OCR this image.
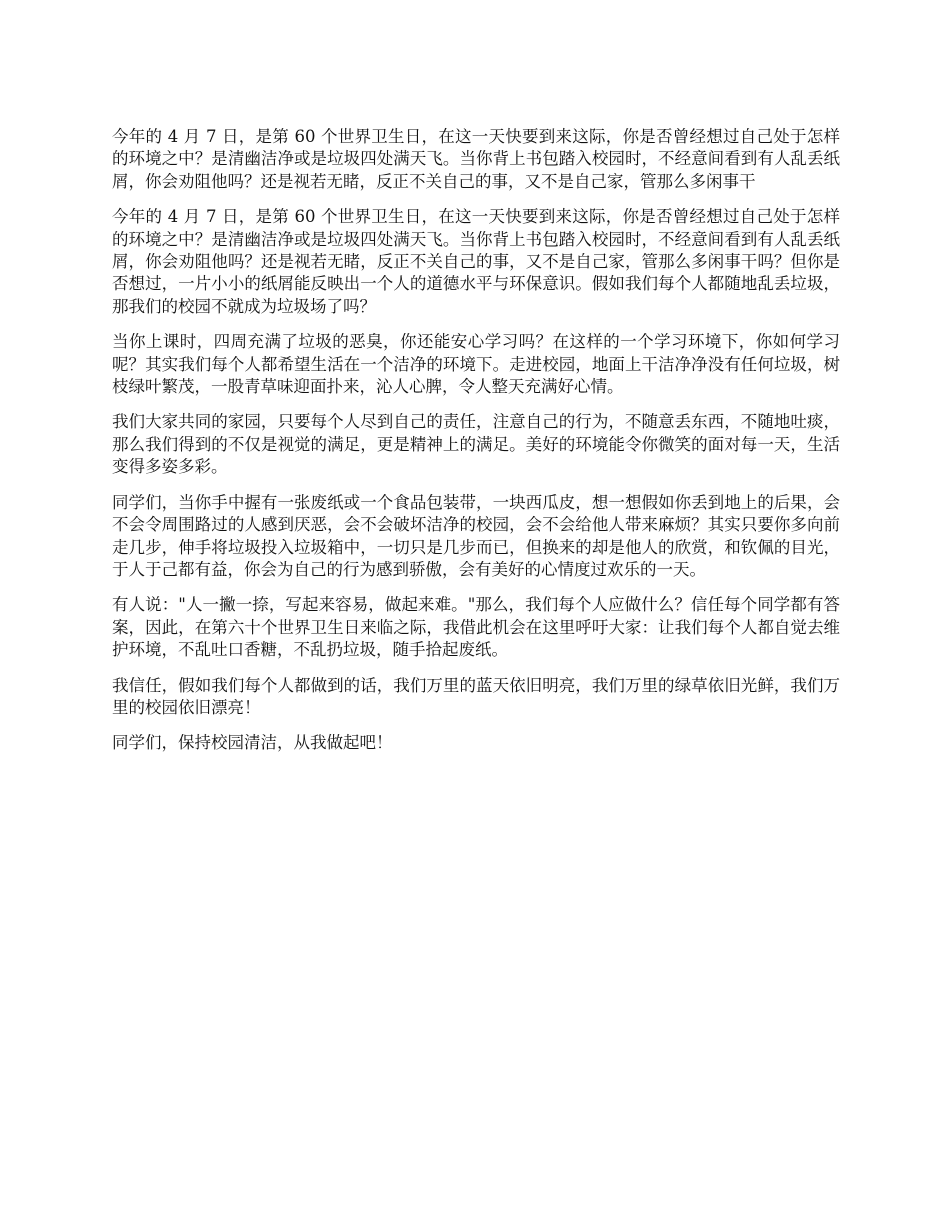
今年的 4 月 7 日，是第 60 个世界卫生日，在这一天快要到来这际，你是否曾经想过自己处于怎样的环境之中？是清幽洁净或是垃圾四处满天飞。当你背上书包踏入校园时，不经意间看到有人乱丢纸屑，你会劝阻他吗？还是视若无睹，反正不关自己的事，又不是自己家，管那么多闲事干

今年的 4 月 7 日，是第 60 个世界卫生日，在这一天快要到来这际，你是否曾经想过自己处于怎样的环境之中？是清幽洁净或是垃圾四处满天飞。当你背上书包踏入校园时，不经意间看到有人乱丢纸屑，你会劝阻他吗？还是视若无睹，反正不关自己的事，又不是自己家，管那么多闲事干吗？但你是否想过，一片小小的纸屑能反映出一个人的道德水平与环保意识。假如我们每个人都随地乱丢垃圾，那我们的校园不就成为垃圾场了吗？

当你上课时，四周充满了垃圾的恶臭，你还能安心学习吗？在这样的一个学习环境下，你如何学习呢？其实我们每个人都希望生活在一个洁净的环境下。走进校园，地面上干洁净净没有任何垃圾，树枝绿叶繁茂，一股青草味迎面扑来，沁人心脾，令人整天充满好心情。

我们大家共同的家园，只要每个人尽到自己的责任，注意自己的行为，不随意丢东西，不随地吐痰，那么我们得到的不仅是视觉的满足，更是精神上的满足。美好的环境能令你微笑的面对每一天，生活变得多姿多彩。

同学们，当你手中握有一张废纸或一个食品包装带，一块西瓜皮，想一想假如你丢到地上的后果，会不会令周围路过的人感到厌恶，会不会破坏洁净的校园，会不会给他人带来麻烦？其实只要你多向前走几步，伸手将垃圾投入垃圾箱中，一切只是几步而已，但换来的却是他人的欣赏，和钦佩的目光，于人于己都有益，你会为自己的行为感到骄傲，会有美好的心情度过欢乐的一天。

有人说："人一撇一捺，写起来容易，做起来难。"那么，我们每个人应做什么？信任每个同学都有答案，因此，在第六十个世界卫生日来临之际，我借此机会在这里呼吁大家：让我们每个人都自觉去维护环境，不乱吐口香糖，不乱扔垃圾，随手拾起废纸。

我信任，假如我们每个人都做到的话，我们万里的蓝天依旧明亮，我们万里的绿草依旧光鲜，我们万里的校园依旧漂亮！

同学们，保持校园清洁，从我做起吧！
